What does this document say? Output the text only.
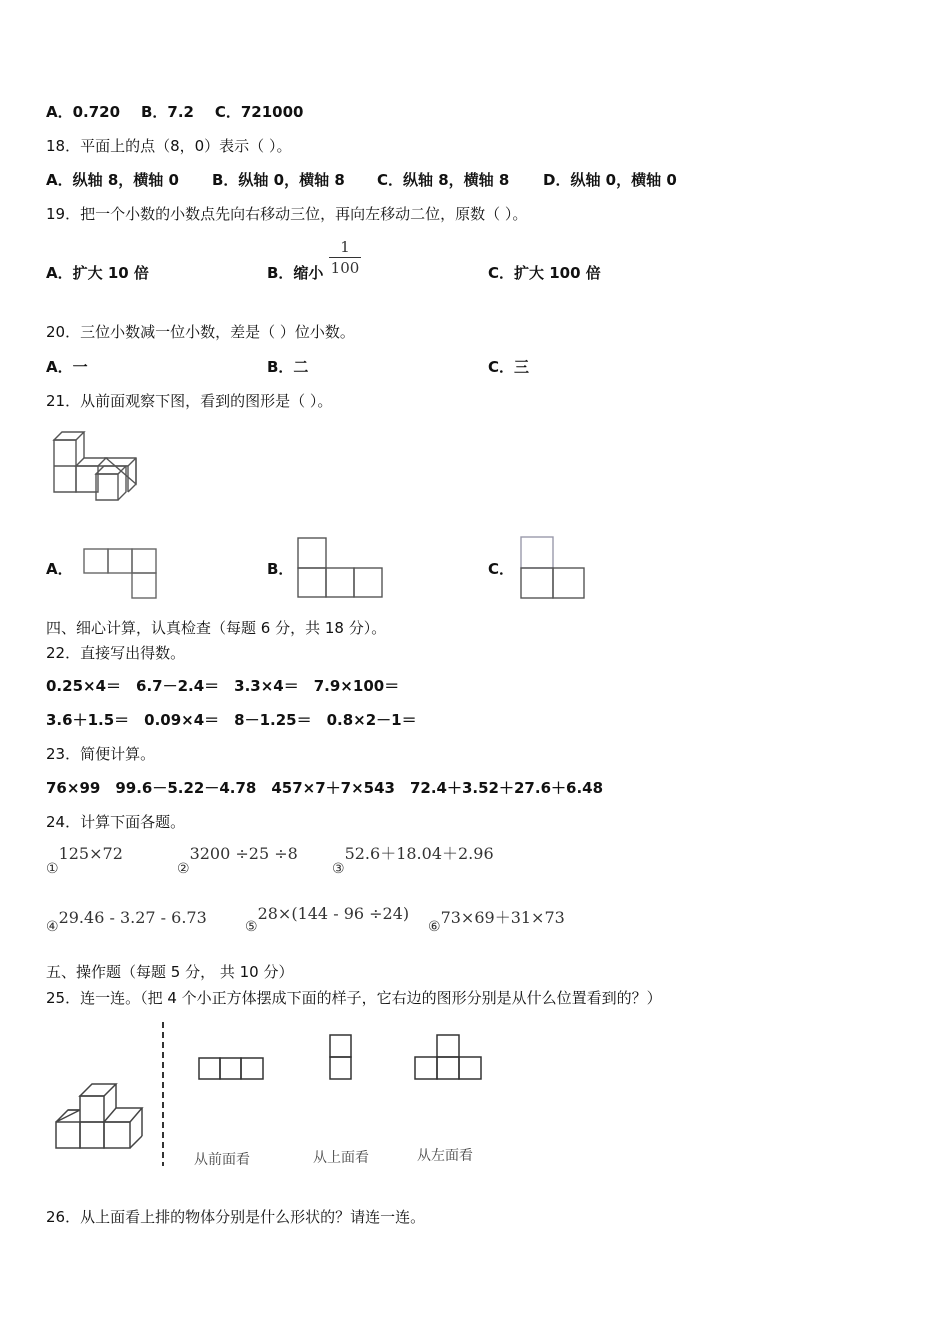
A．0.720 B．7.2 C．721000
18．平面上的点（8，0）表示（ ）。
A．纵轴 8，横轴 0 B．纵轴 0，横轴 8 C．纵轴 8，横轴 8 D．纵轴 0，横轴 0
19．把一个小数的小数点先向右移动三位，再向左移动二位，原数（ ）。
A．扩大 10 倍	B．缩小
1
100	C．扩大 100 倍
20．三位小数减一位小数，差是（ ）位小数。
A．一	B．二	C．三
21．从前面观察下图，看到的图形是（ ）。
A．	B．	C．
四、细心计算，认真检查（每题 6 分，共 18 分）。
22．直接写出得数。
0.25×4＝　6.7－2.4＝　3.3×4＝　7.9×100＝
3.6＋1.5＝　0.09×4＝　8－1.25＝　0.8×2－1＝
23．简便计算。
76×99　99.6－5.22－4.78　457×7＋7×543　72.4＋3.52＋27.6＋6.48
24．计算下面各题。
①125×72
②3200 ÷25 ÷8
③52.6＋18.04＋2.96
④29.46 - 3.27 - 6.73	⑤28×(144 - 96 ÷24)
⑥73×69＋31×73
五、操作题（每题 5 分， 共 10 分）
25．连一连。（把 4 个小正方体摆成下面的样子，它右边的图形分别是从什么位置看到的？）
从前面看	从上面看	从左面看
26．从上面看上排的物体分别是什么形状的？请连一连。
